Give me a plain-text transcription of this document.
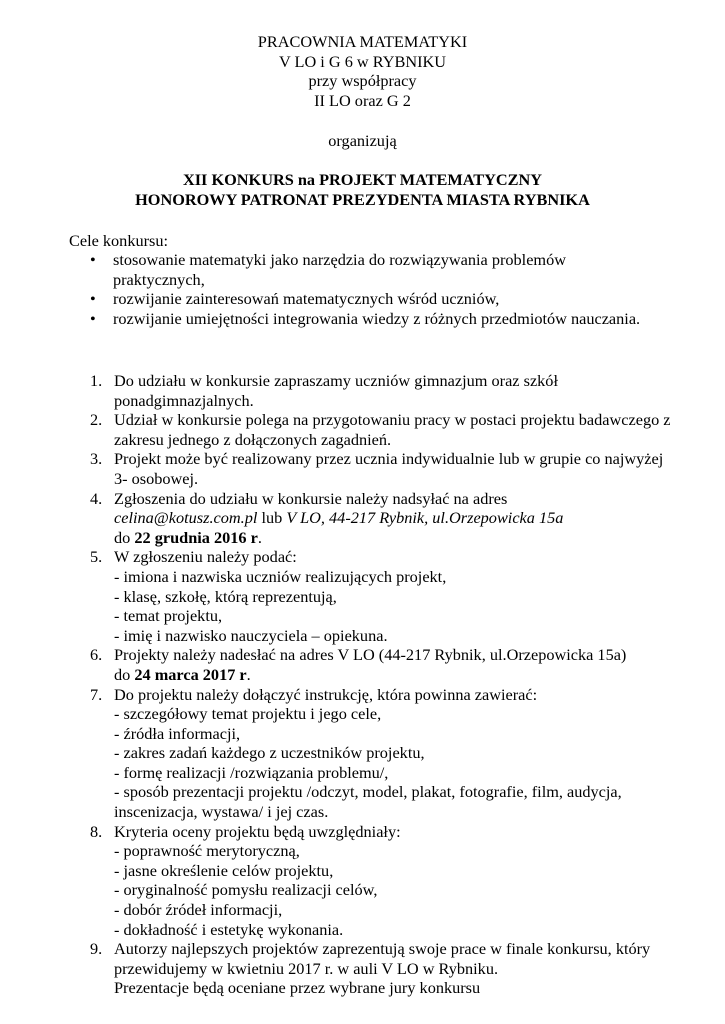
PRACOWNIA MATEMATYKI
V LO i G 6 w RYBNIKU
przy współpracy
II LO oraz G 2
organizują
XII KONKURS na PROJEKT MATEMATYCZNY
HONOROWY PATRONAT PREZYDENTA MIASTA RYBNIKA
Cele konkursu:
• stosowanie matematyki jako narzędzia do rozwiązywania problemów praktycznych,
• rozwijanie zainteresowań matematycznych wśród uczniów,
• rozwijanie umiejętności integrowania wiedzy z różnych przedmiotów nauczania.
1. Do udziału w konkursie zapraszamy uczniów gimnazjum oraz szkół ponadgimnazjalnych.
2. Udział w konkursie polega na przygotowaniu pracy w postaci projektu badawczego z zakresu jednego z dołączonych zagadnień.
3. Projekt może być realizowany przez ucznia indywidualnie lub w grupie co najwyżej 3- osobowej.
4. Zgłoszenia do udziału w konkursie należy nadsyłać na adres
celina@kotusz.com.pl lub V LO, 44-217 Rybnik, ul.Orzepowicka 15a
do 22 grudnia 2016 r.
5. W zgłoszeniu należy podać:
- imiona i nazwiska uczniów realizujących projekt,
- klasę, szkołę, którą reprezentują,
- temat projektu,
- imię i nazwisko nauczyciela – opiekuna.
6. Projekty należy nadesłać na adres V LO (44-217 Rybnik, ul.Orzepowicka 15a)
do 24 marca 2017 r.
7. Do projektu należy dołączyć instrukcję, która powinna zawierać:
- szczegółowy temat projektu i jego cele,
- źródła informacji,
- zakres zadań każdego z uczestników projektu,
- formę realizacji /rozwiązania problemu/,
- sposób prezentacji projektu /odczyt, model, plakat, fotografie, film, audycja, inscenizacja, wystawa/ i jej czas.
8. Kryteria oceny projektu będą uwzględniały:
- poprawność merytoryczną,
- jasne określenie celów projektu,
- oryginalność pomysłu realizacji celów,
- dobór źródeł informacji,
- dokładność i estetykę wykonania.
9. Autorzy najlepszych projektów zaprezentują swoje prace w finale konkursu, który przewidujemy w kwietniu 2017 r. w auli V LO w Rybniku.
Prezentacje będą oceniane przez wybrane jury konkursu
